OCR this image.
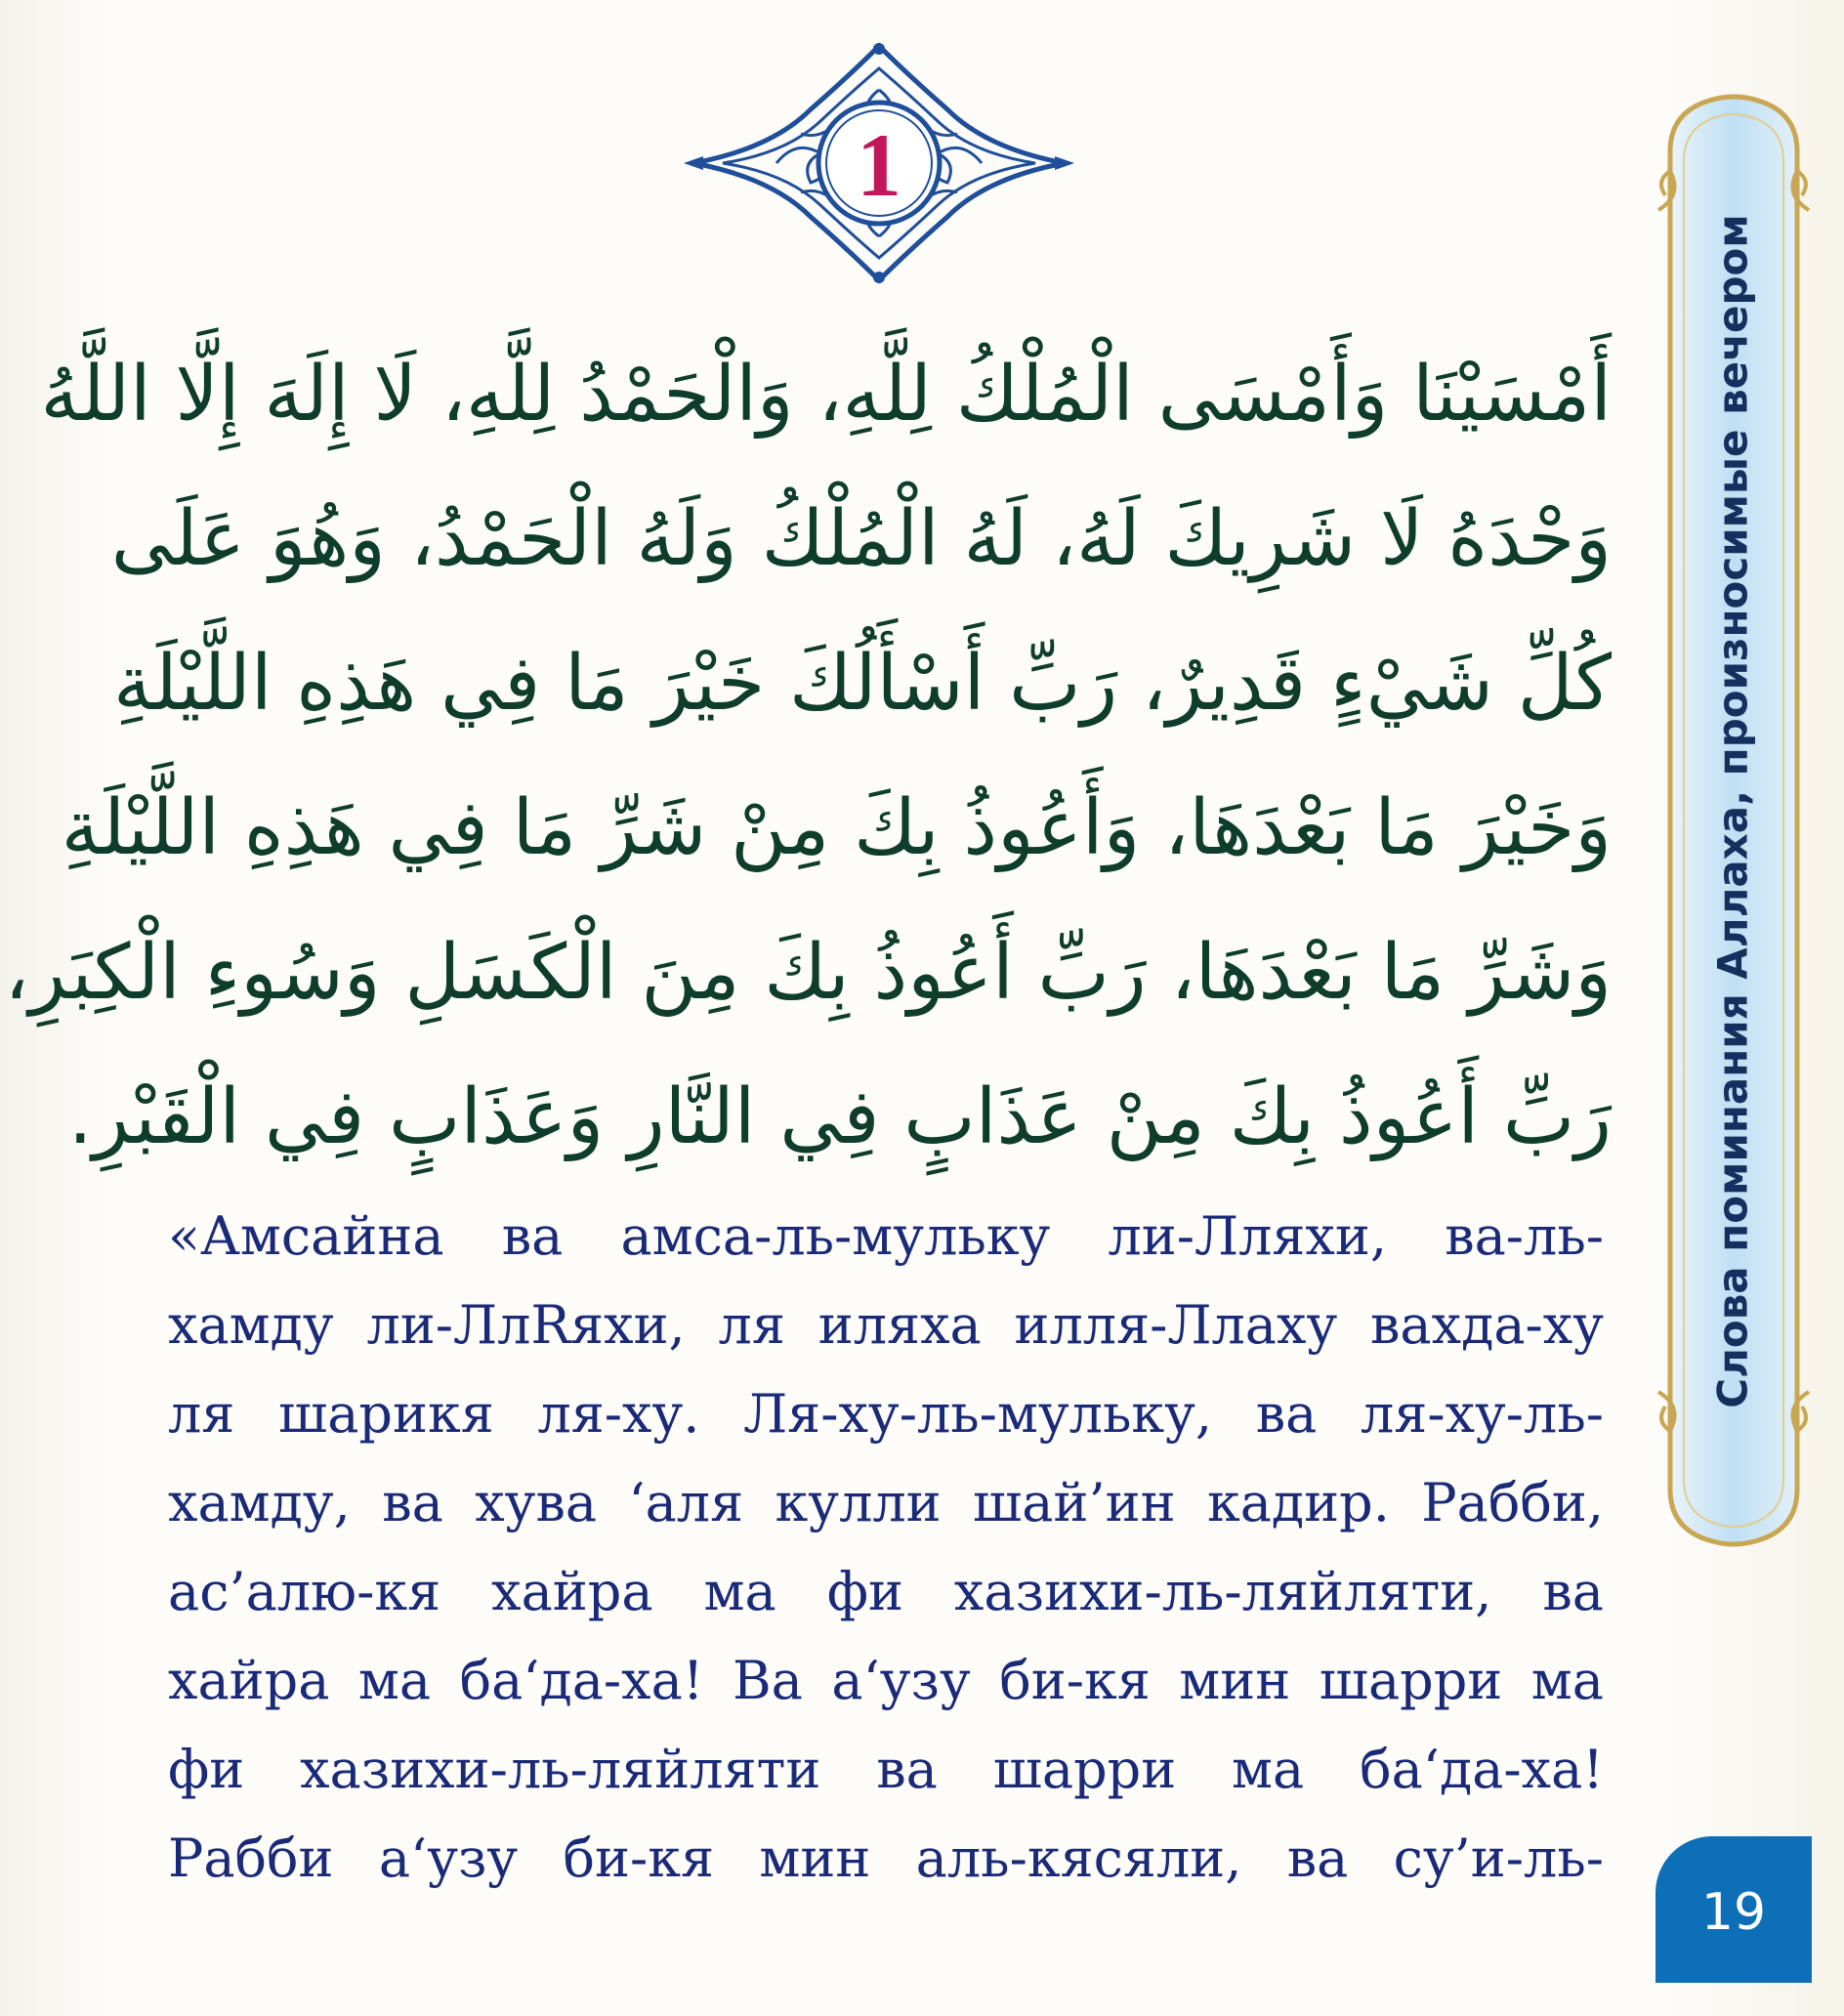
1
أَمْسَيْنَا وَأَمْسَى الْمُلْكُ لِلَّهِ، وَالْحَمْدُ لِلَّهِ، لَا إِلَهَ إِلَّا اللَّهُ
وَحْدَهُ لَا شَرِيكَ لَهُ، لَهُ الْمُلْكُ وَلَهُ الْحَمْدُ، وَهُوَ عَلَى
كُلِّ شَيْءٍ قَدِيرٌ، رَبِّ أَسْأَلُكَ خَيْرَ مَا فِي هَذِهِ اللَّيْلَةِ
وَخَيْرَ مَا بَعْدَهَا، وَأَعُوذُ بِكَ مِنْ شَرِّ مَا فِي هَذِهِ اللَّيْلَةِ
وَشَرِّ مَا بَعْدَهَا، رَبِّ أَعُوذُ بِكَ مِنَ الْكَسَلِ وَسُوءِ الْكِبَرِ،
رَبِّ أَعُوذُ بِكَ مِنْ عَذَابٍ فِي النَّارِ وَعَذَابٍ فِي الْقَبْرِ.
«Амсайна ва амса-ль-мульку ли-Лляхи, ва-ль-
хамду ли-ЛлRяхи, ля иляха илля-Ллаху вахда-ху
ля шарикя ля-ху. Ля-ху-ль-мульку, ва ля-ху-ль-
хамду, ва хува ‘аля кулли шай’ин кадир. Рабби,
ас’алю-кя хайра ма фи хазихи-ль-ляйляти, ва
хайра ма ба‘да-ха! Ва а‘узу би-кя мин шарри ма
фи хазихи-ль-ляйляти ва шарри ма ба‘да-ха!
Рабби а‘узу би-кя мин аль-кясяли, ва су’и-ль-
Слова поминания Аллаха, произносимые вечером
19
